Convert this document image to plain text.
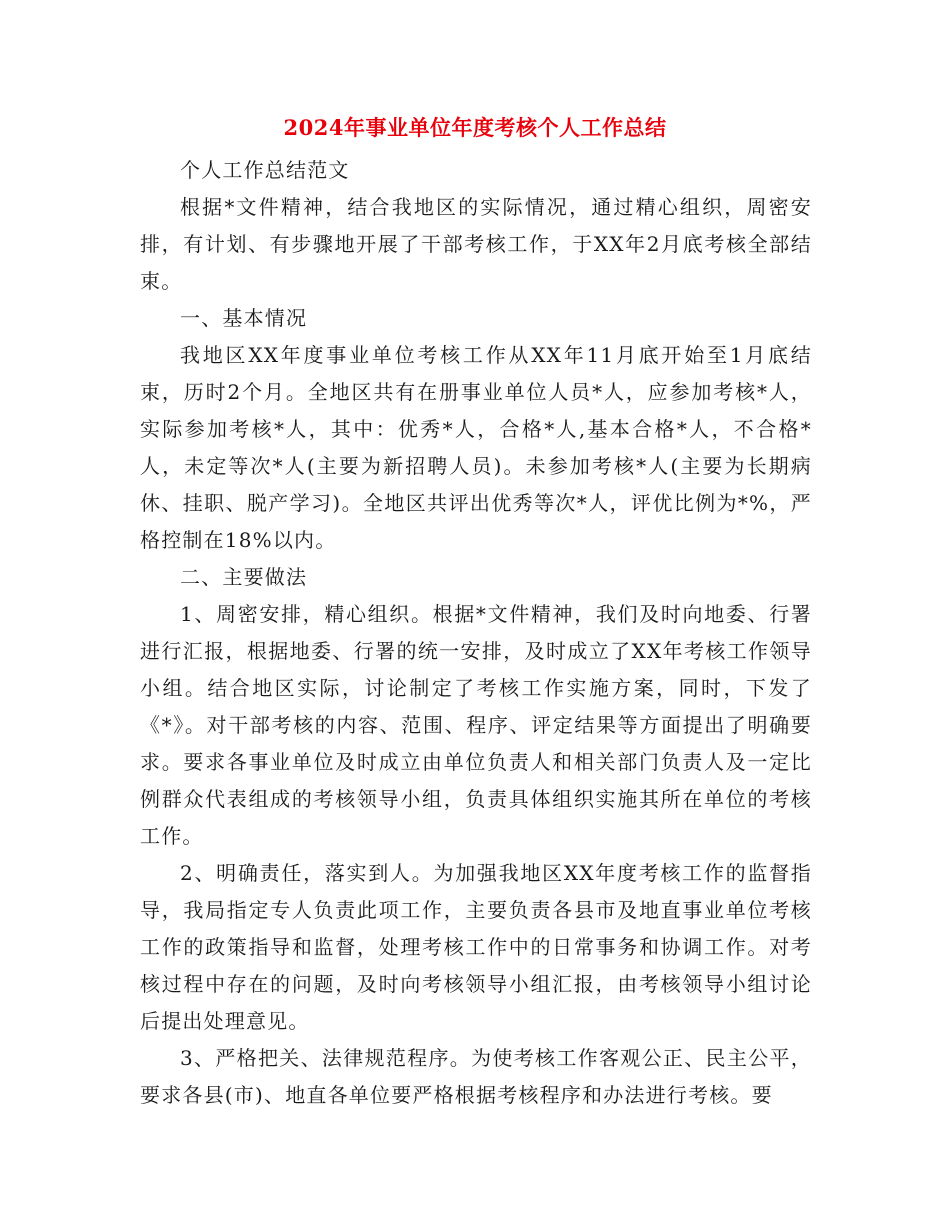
2024年事业单位年度考核个人工作总结

个人工作总结范文

根据*文件精神，结合我地区的实际情况，通过精心组织，周密安排，有计划、有步骤地开展了干部考核工作，于XX年2月底考核全部结束。

一、基本情况

我地区XX年度事业单位考核工作从XX年11月底开始至1月底结束，历时2个月。全地区共有在册事业单位人员*人，应参加考核*人，实际参加考核*人，其中：优秀*人，合格*人,基本合格*人，不合格*人，未定等次*人(主要为新招聘人员)。未参加考核*人(主要为长期病休、挂职、脱产学习)。全地区共评出优秀等次*人，评优比例为*%，严格控制在18%以内。

二、主要做法

1、周密安排，精心组织。根据*文件精神，我们及时向地委、行署进行汇报，根据地委、行署的统一安排，及时成立了XX年考核工作领导小组。结合地区实际，讨论制定了考核工作实施方案，同时，下发了《*》。对干部考核的内容、范围、程序、评定结果等方面提出了明确要求。要求各事业单位及时成立由单位负责人和相关部门负责人及一定比例群众代表组成的考核领导小组，负责具体组织实施其所在单位的考核工作。

2、明确责任，落实到人。为加强我地区XX年度考核工作的监督指导，我局指定专人负责此项工作，主要负责各县市及地直事业单位考核工作的政策指导和监督，处理考核工作中的日常事务和协调工作。对考核过程中存在的问题，及时向考核领导小组汇报，由考核领导小组讨论后提出处理意见。

3、严格把关、法律规范程序。为使考核工作客观公正、民主公平，要求各县(市)、地直各单位要严格根据考核程序和办法进行考核。要
